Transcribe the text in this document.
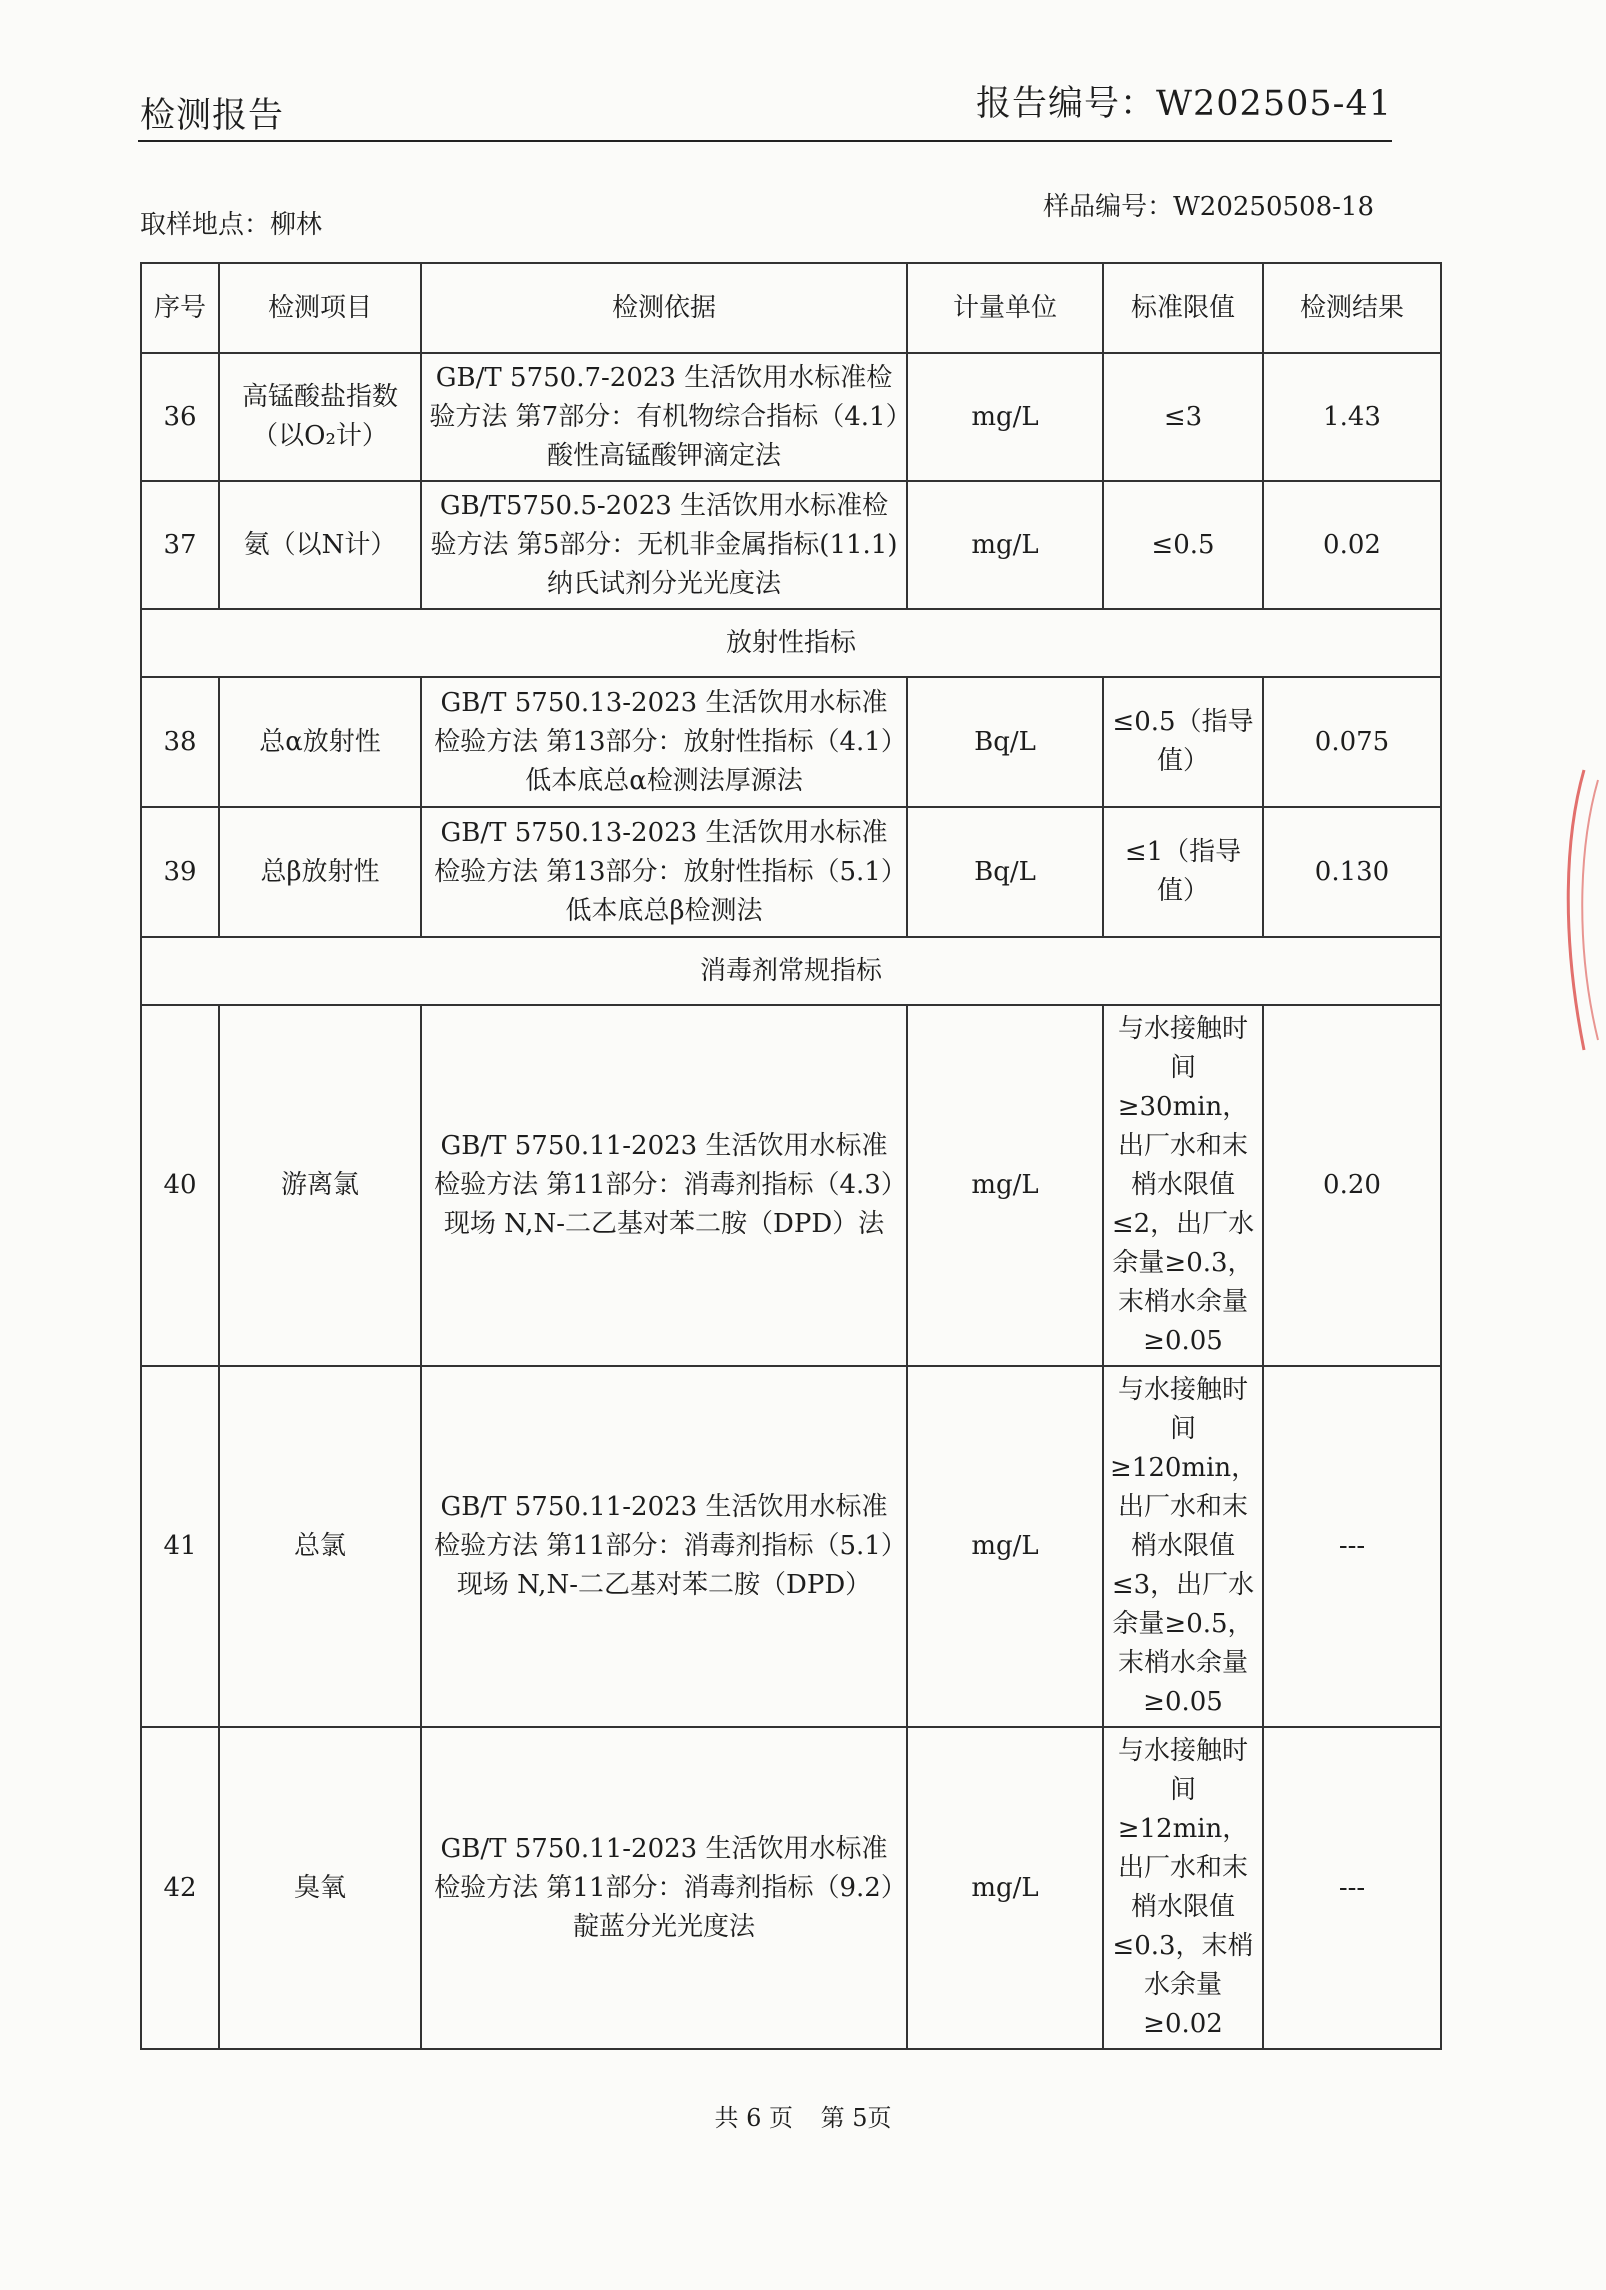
检测报告	报告编号：W202505-41
取样地点：柳林
样品编号：W20250508-18
序号	检测项目	检测依据	计量单位	标准限值	检测结果
36	高锰酸盐指数（以O₂计）	GB/T 5750.7-2023 生活饮用水标准检验方法 第7部分：有机物综合指标（4.1）酸性高锰酸钾滴定法	mg/L	≤3	1.43
37	氨（以N计）	GB/T5750.5-2023 生活饮用水标准检验方法 第5部分：无机非金属指标(11.1)纳氏试剂分光光度法	mg/L	≤0.5	0.02
放射性指标					
38	总α放射性	GB/T 5750.13-2023 生活饮用水标准检验方法 第13部分：放射性指标（4.1）低本底总α检测法厚源法	Bq/L	≤0.5（指导值）	0.075
39	总β放射性	GB/T 5750.13-2023 生活饮用水标准检验方法 第13部分：放射性指标（5.1）低本底总β检测法	Bq/L	≤1（指导值）	0.130
消毒剂常规指标					
40	游离氯	GB/T 5750.11-2023 生活饮用水标准检验方法 第11部分：消毒剂指标（4.3）现场 N,N-二乙基对苯二胺（DPD）法	mg/L	与水接触时间≥30min，出厂水和末梢水限值≤2，出厂水余量≥0.3，末梢水余量≥0.05	0.20
41	总氯	GB/T 5750.11-2023 生活饮用水标准检验方法 第11部分：消毒剂指标（5.1）现场 N,N-二乙基对苯二胺（DPD）	mg/L	与水接触时间≥120min，出厂水和末梢水限值≤3，出厂水余量≥0.5，末梢水余量≥0.05	---
42	臭氧	GB/T 5750.11-2023 生活饮用水标准检验方法 第11部分：消毒剂指标（9.2）靛蓝分光光度法	mg/L	与水接触时间≥12min，出厂水和末梢水限值≤0.3，末梢水余量≥0.02	---
共 6 页 第 5页
